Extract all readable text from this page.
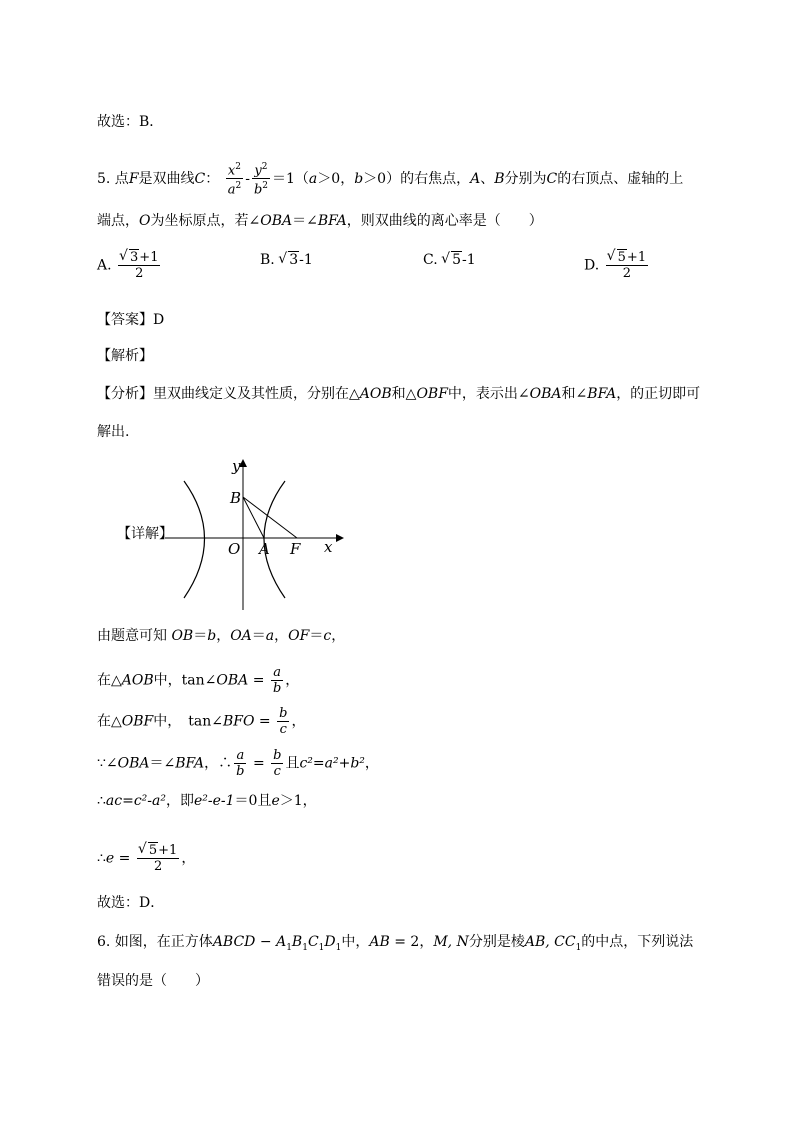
故选：B．
5. 点F是双曲线C： $\frac{x^2}{a^2} - \frac{y^2}{b^2} =1(a>0$，b＞0）的右焦点，A、B分别为C的右顶点、虚轴的上
端点，O为坐标原点，若∠OBA＝∠BFA，则双曲线的离心率是（　　）
A. √ $\frac{3+1}{2}$	B. √ 3-1	C. √ 5-1	D. √ $\frac{5+1}{2}$
【答案】D
【解析】
【分析】里双曲线定义及其性质，分别在△AOB和△OBF中，表示出∠OBA和∠BFA，的正切即可
解出.
【详解】
y
B
O A F x
由题意可知 OB＝b，OA＝a，OF＝c，
在△AOB中，tan∠OBA = $\frac{a}{b}$ ，
在△OBF中，　tan∠BFO = $\frac{b}{c}$ ，
∵∠OBA＝∠BFA，∴ $\frac{a}{b} = \frac{b}{c}$ 且c²=a²+b²，
∴ac=c²-a²，即e²-e-1＝0且e＞1，
∴e = √ $\frac{5+1}{2}$ ，
故选：D．
6. 如图，在正方体ABCD − $A_1B_1C_1D_1$中，AB = 2，M, N分别是棱AB, $CC_1$的中点，下列说法
错误的是（　　）
